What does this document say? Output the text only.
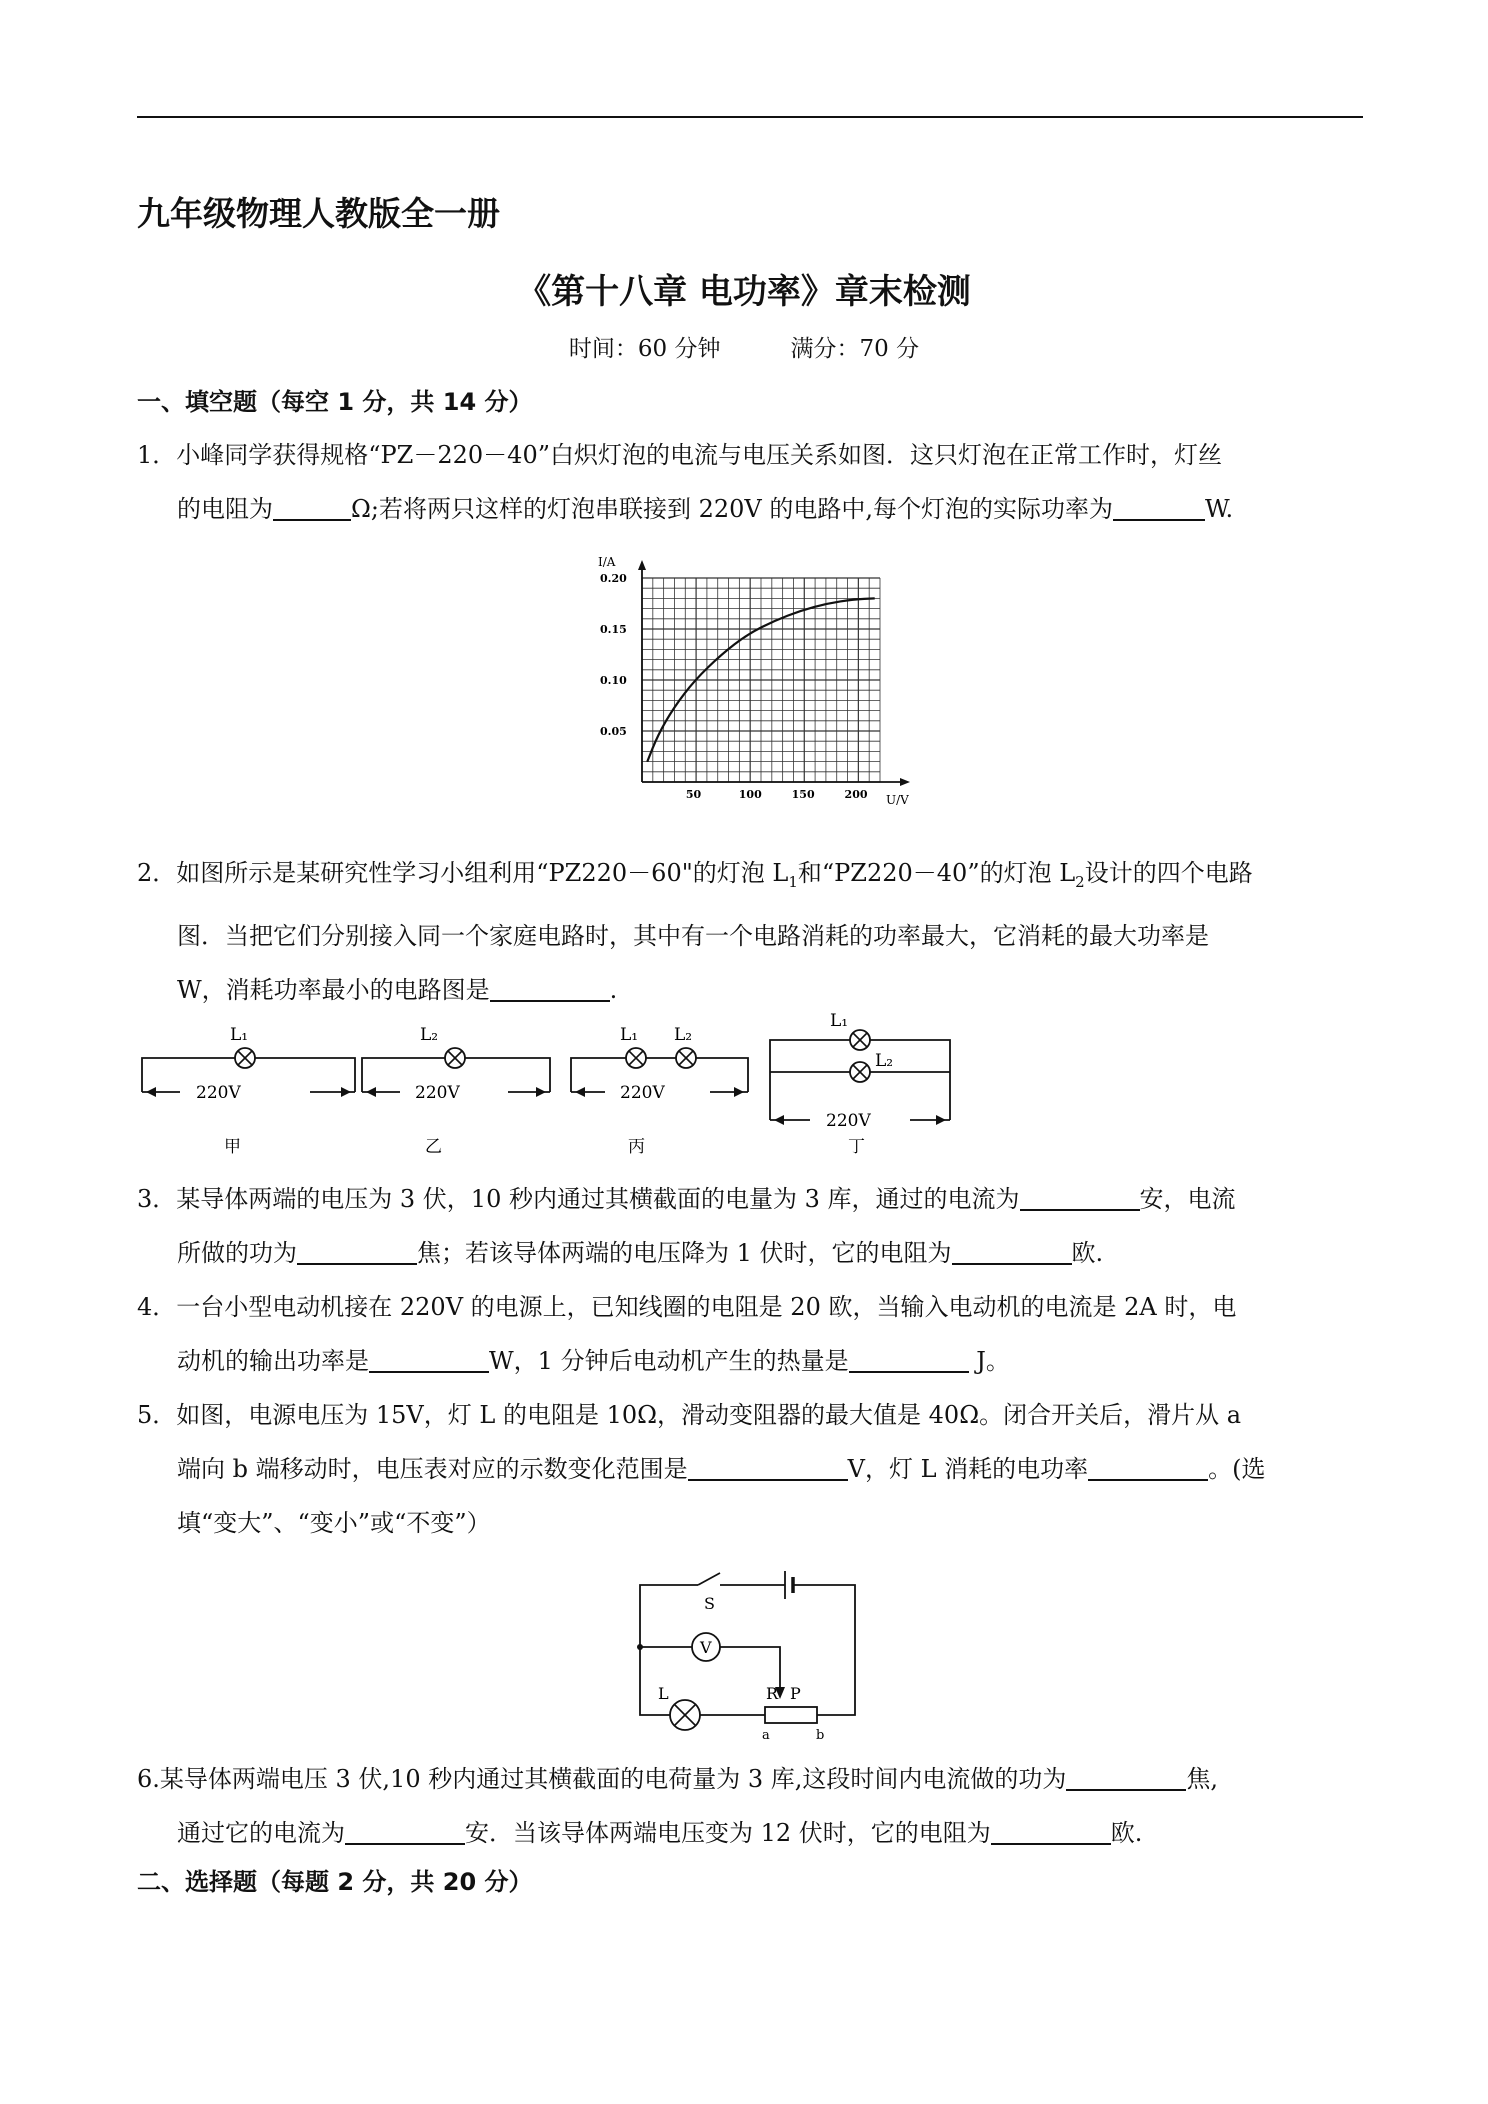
九年级物理人教版全一册
《第十八章 电功率》章末检测
时间：60 分钟	满分：70 分
一、填空题（每空 1 分，共 14 分）
1．小峰同学获得规格“PZ－220－40”白炽灯泡的电流与电压关系如图．这只灯泡在正常工作时，灯丝
的电阻为	Ω;若将两只这样的灯泡串联接到 220V 的电路中,每个灯泡的实际功率为	W.
50	100	150	200
0.05
0.10
0.15
0.20
I/A
U/V
2．如图所示是某研究性学习小组利用“PZ220－60"的灯泡 $L_1$和“PZ220－40”的灯泡 $L_2$设计的四个电路
图．当把它们分别接入同一个家庭电路时，其中有一个电路消耗的功率最大，它消耗的最大功率是
W，消耗功率最小的电路图是	.
220V	220V	220V
220V
L₁	L₂	L₁ L₂
L₁
L₂
甲	乙	丙	丁
3．某导体两端的电压为 3 伏，10 秒内通过其横截面的电量为 3 库，通过的电流为	安，电流
所做的功为	焦；若该导体两端的电压降为 1 伏时，它的电阻为	欧.
4．一台小型电动机接在 220V 的电源上，已知线圈的电阻是 20 欧，当输入电动机的电流是 2A 时，电
动机的输出功率是	W，1 分钟后电动机产生的热量是	J。
5．如图，电源电压为 15V，灯 L 的电阻是 10Ω，滑动变阻器的最大值是 40Ω。闭合开关后，滑片从 a
端向 b 端移动时，电压表对应的示数变化范围是	V，灯 L 消耗的电功率	。(选
填“变大”、“变小”或“不变”）
V
S
L	R P
a	b
6.某导体两端电压 3 伏,10 秒内通过其横截面的电荷量为 3 库,这段时间内电流做的功为	焦,
通过它的电流为	安．当该导体两端电压变为 12 伏时，它的电阻为	欧.
二、选择题（每题 2 分，共 20 分）
